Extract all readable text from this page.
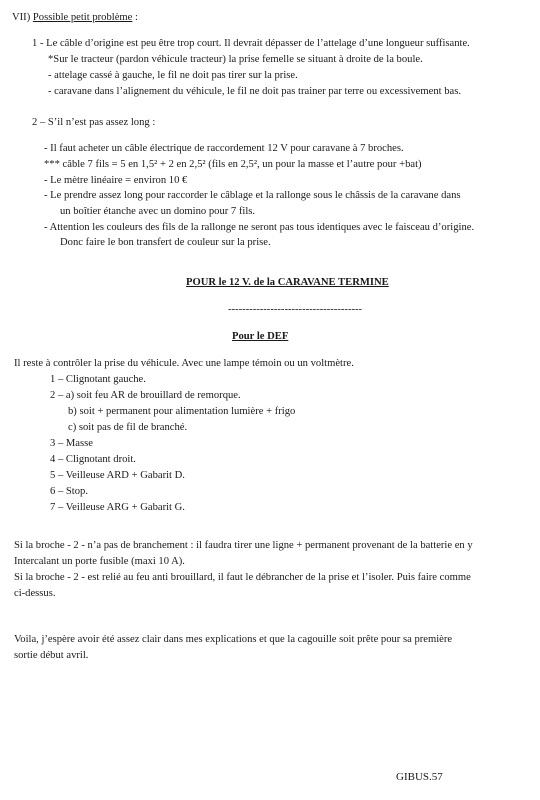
VII) Possible petit problème :
1 - Le câble d’origine est peu être trop court. Il devrait dépasser de l’attelage d’une longueur suffisante.
*Sur le tracteur (pardon véhicule tracteur) la prise femelle se situant à droite de la boule.
- attelage cassé à gauche, le fil ne doit pas tirer sur la prise.
- caravane dans l’alignement du véhicule, le fil ne doit pas trainer par terre ou excessivement bas.
2 – S’il n’est pas assez long :
- Il faut acheter un câble électrique de raccordement 12 V pour caravane à 7 broches.
*** câble 7 fils = 5 en 1,5² + 2 en 2,5² (fils en 2,5², un pour la masse et l’autre pour +bat)
- Le mètre linéaire = environ 10 €
- Le prendre assez long pour raccorder le câblage et la rallonge sous le châssis de la caravane dans
un boîtier étanche avec un domino pour 7 fils.
- Attention les couleurs des fils de la rallonge ne seront pas tous identiques avec le faisceau d’origine.
Donc faire le bon transfert de couleur sur la prise.
POUR le 12 V. de la CARAVANE TERMINE
--------------------------------------
Pour le DEF
Il reste à contrôler la prise du véhicule. Avec une lampe témoin ou un voltmètre.
1 – Clignotant gauche.
2 – a) soit feu AR de brouillard de remorque.
b) soit + permanent pour alimentation lumière + frigo
c) soit pas de fil de branché.
3 – Masse
4 – Clignotant droit.
5 – Veilleuse ARD + Gabarit D.
6 – Stop.
7 – Veilleuse ARG + Gabarit G.
Si la broche - 2 - n’a pas de branchement : il faudra tirer une ligne + permanent provenant de la batterie en y
Intercalant un porte fusible (maxi 10 A).
Si la broche - 2 - est relié au feu anti brouillard, il faut le débrancher de la prise et l’isoler. Puis faire comme
ci-dessus.
Voila, j’espère avoir été assez clair dans mes explications et que la cagouille soit prête pour sa première
sortie début avril.
GIBUS.57
